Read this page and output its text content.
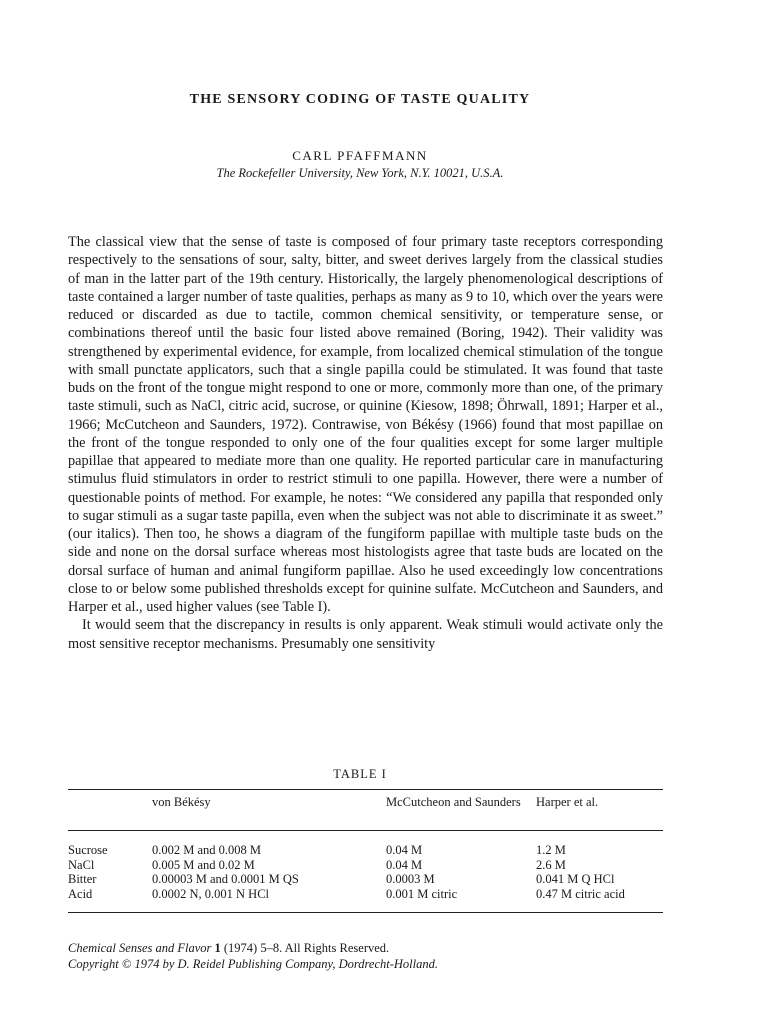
THE SENSORY CODING OF TASTE QUALITY
CARL PFAFFMANN
The Rockefeller University, New York, N.Y. 10021, U.S.A.

The classical view that the sense of taste is composed of four primary taste receptors corresponding respectively to the sensations of sour, salty, bitter, and sweet derives largely from the classical studies of man in the latter part of the 19th century. Historically, the largely phenomenological descriptions of taste contained a larger number of taste qualities, perhaps as many as 9 to 10, which over the years were reduced or discarded as due to tactile, common chemical sensitivity, or temperature sense, or combinations thereof until the basic four listed above remained (Boring, 1942). Their validity was strengthened by experimental evidence, for example, from localized chemical stimulation of the tongue with small punctate applicators, such that a single papilla could be stimulated. It was found that taste buds on the front of the tongue might respond to one or more, commonly more than one, of the primary taste stimuli, such as NaCl, citric acid, sucrose, or quinine (Kiesow, 1898; Öhrwall, 1891; Harper et al., 1966; McCutcheon and Saunders, 1972). Contrawise, von Békésy (1966) found that most papillae on the front of the tongue responded to only one of the four qualities except for some larger multiple papillae that appeared to mediate more than one quality. He reported particular care in manufacturing stimulus fluid stimulators in order to restrict stimuli to one papilla. However, there were a number of questionable points of method. For example, he notes: “We considered any papilla that responded only to sugar stimuli as a sugar taste papilla, even when the subject was not able to discriminate it as sweet.” (our italics). Then too, he shows a diagram of the fungiform papillae with multiple taste buds on the side and none on the dorsal surface whereas most histologists agree that taste buds are located on the dorsal surface of human and animal fungiform papillae. Also he used exceedingly low concentrations close to or below some published thresholds except for quinine sulfate. McCutcheon and Saunders, and Harper et al., used higher values (see Table I).

It would seem that the discrepancy in results is only apparent. Weak stimuli would activate only the most sensitive receptor mechanisms. Presumably one sensitivity

TABLE I
	von Békésy	McCutcheon and Saunders	Harper et al.

Sucrose	0.002 M and 0.008 M	0.04 M	1.2 M
NaCl	0.005 M and 0.02 M	0.04 M	2.6 M
Bitter	0.00003 M and 0.0001 M QS	0.0003 M	0.041 M Q HCl
Acid	0.0002 N, 0.001 N HCl	0.001 M citric	0.47 M citric acid
Chemical Senses and Flavor 1 (1974) 5–8. All Rights Reserved.
Copyright © 1974 by D. Reidel Publishing Company, Dordrecht-Holland.
